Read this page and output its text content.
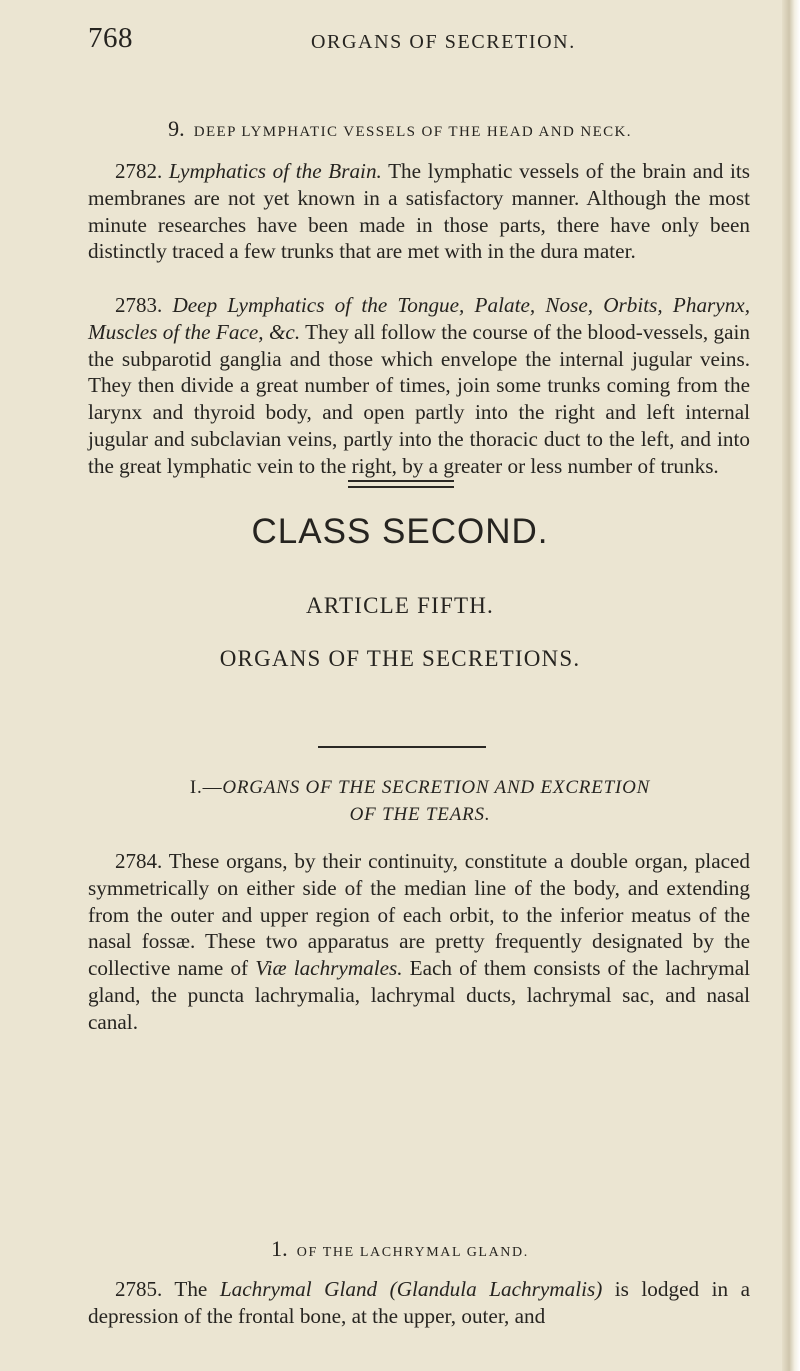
768	ORGANS OF SECRETION.
9. DEEP LYMPHATIC VESSELS OF THE HEAD AND NECK.

2782. Lymphatics of the Brain. The lymphatic vessels of the brain and its membranes are not yet known in a satisfactory manner. Although the most minute researches have been made in those parts, there have only been distinctly traced a few trunks that are met with in the dura mater.

2783. Deep Lymphatics of the Tongue, Palate, Nose, Orbits, Pharynx, Muscles of the Face, &c. They all follow the course of the blood-vessels, gain the subparotid ganglia and those which envelope the internal jugular veins. They then divide a great number of times, join some trunks coming from the larynx and thyroid body, and open partly into the right and left internal jugular and subclavian veins, partly into the thoracic duct to the left, and into the great lymphatic vein to the right, by a greater or less number of trunks.

CLASS SECOND.
ARTICLE FIFTH.
ORGANS OF THE SECRETIONS.
I.—ORGANS OF THE SECRETION AND EXCRETION
OF THE TEARS.

2784. These organs, by their continuity, constitute a double organ, placed symmetrically on either side of the median line of the body, and extending from the outer and upper region of each orbit, to the inferior meatus of the nasal fossæ. These two apparatus are pretty frequently designated by the collective name of Viæ lachrymales. Each of them consists of the lachrymal gland, the puncta lachrymalia, lachrymal ducts, lachrymal sac, and nasal canal.

1. OF THE LACHRYMAL GLAND.

2785. The Lachrymal Gland (Glandula Lachrymalis) is lodged in a depression of the frontal bone, at the upper, outer, and
